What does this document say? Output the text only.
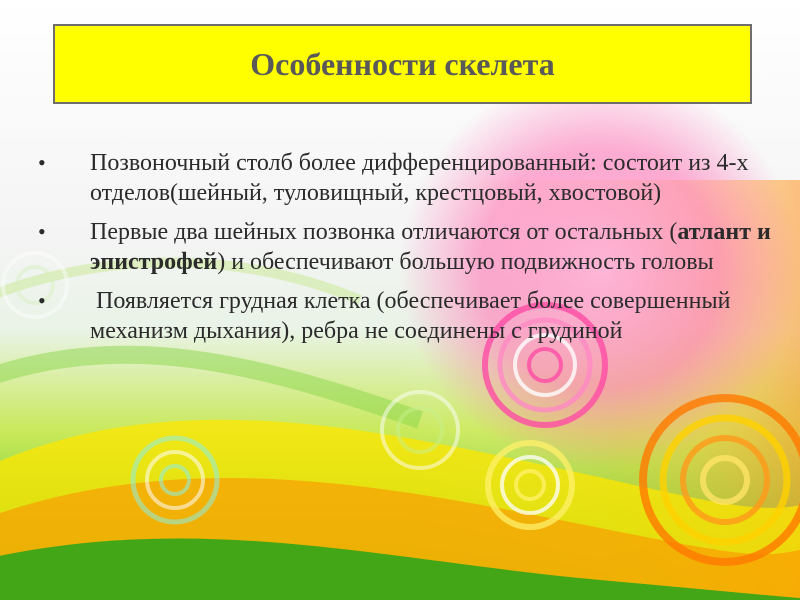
Особенности скелета
•	Позвоночный столб более дифференцированный: состоит из 4-х отделов(шейный, туловищный, крестцовый, хвостовой)
•	Первые два шейных позвонка отличаются от остальных (атлант и эпистрофей) и обеспечивают большую подвижность головы
•	Появляется грудная клетка (обеспечивает более совершенный механизм дыхания), ребра не соединены с грудиной
